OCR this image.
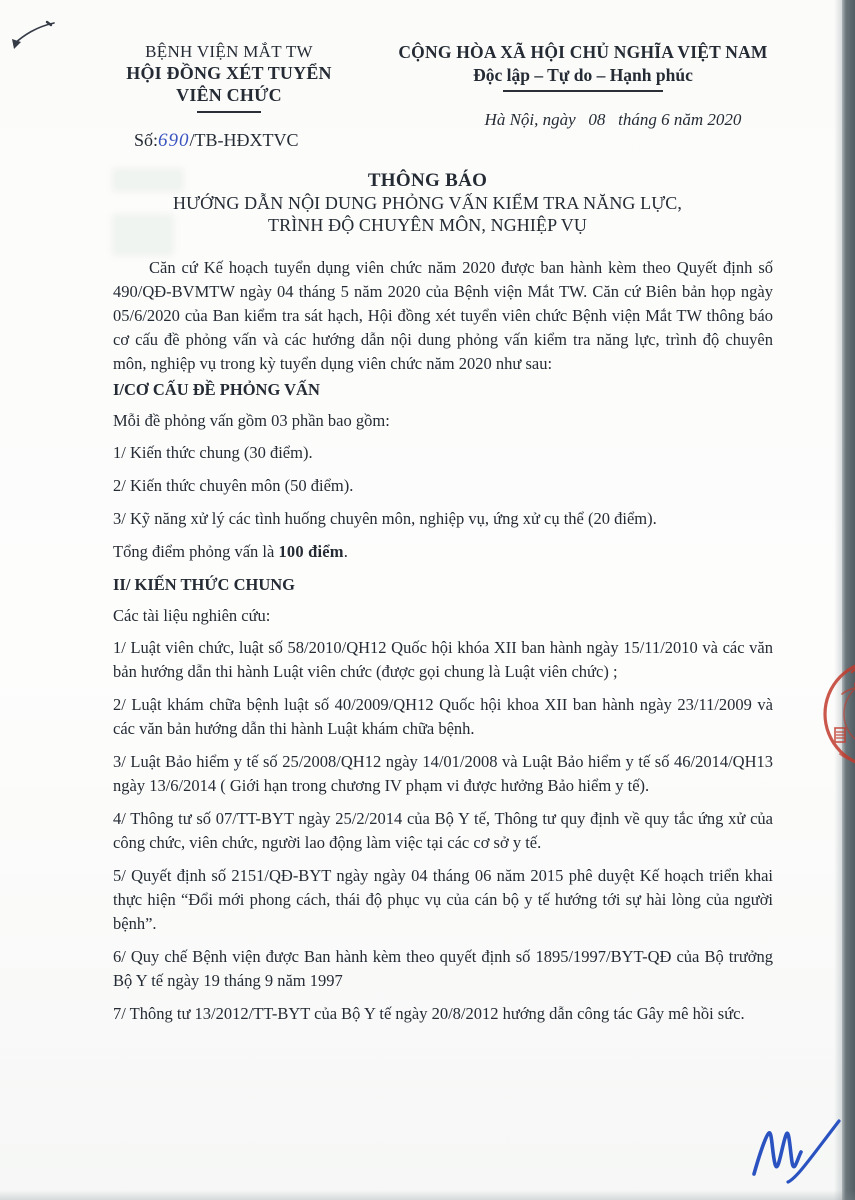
BỆNH VIỆN MẮT TW
HỘI ĐỒNG XÉT TUYỂN
VIÊN CHỨC
Số:690/TB-HĐXTVC
CỘNG HÒA XÃ HỘI CHỦ NGHĨA VIỆT NAM
Độc lập – Tự do – Hạnh phúc
Hà Nội, ngày   08   tháng 6 năm 2020
THÔNG BÁO
HƯỚNG DẪN NỘI DUNG PHỎNG VẤN KIỂM TRA NĂNG LỰC,
TRÌNH ĐỘ CHUYÊN MÔN, NGHIỆP VỤ

Căn cứ Kế hoạch tuyển dụng viên chức năm 2020 được ban hành kèm theo Quyết định số 490/QĐ-BVMTW ngày 04 tháng 5 năm 2020 của Bệnh viện Mắt TW. Căn cứ Biên bản họp ngày 05/6/2020 của Ban kiểm tra sát hạch, Hội đồng xét tuyển viên chức Bệnh viện Mắt TW thông báo cơ cấu đề phỏng vấn và các hướng dẫn nội dung phỏng vấn kiểm tra năng lực, trình độ chuyên môn, nghiệp vụ trong kỳ tuyển dụng viên chức năm 2020 như sau:

I/CƠ CẤU ĐỀ PHỎNG VẤN

Mỗi đề phỏng vấn gồm 03 phần bao gồm:

1/ Kiến thức chung (30 điểm).

2/ Kiến thức chuyên môn (50 điểm).

3/ Kỹ năng xử lý các tình huống chuyên môn, nghiệp vụ, ứng xử cụ thể (20 điểm).

Tổng điểm phỏng vấn là 100 điểm.

II/ KIẾN THỨC CHUNG

Các tài liệu nghiên cứu:

1/ Luật viên chức, luật số 58/2010/QH12 Quốc hội khóa XII ban hành ngày 15/11/2010 và các văn bản hướng dẫn thi hành Luật viên chức (được gọi chung là Luật viên chức) ;

2/ Luật khám chữa bệnh luật số 40/2009/QH12 Quốc hội khoa XII ban hành ngày 23/11/2009 và các văn bản hướng dẫn thi hành Luật khám chữa bệnh.

3/ Luật Bảo hiểm y tế số 25/2008/QH12 ngày 14/01/2008 và Luật Bảo hiểm y tế số 46/2014/QH13 ngày 13/6/2014 ( Giới hạn trong chương IV phạm vi được hưởng Bảo hiểm y tế).

4/ Thông tư số 07/TT-BYT ngày 25/2/2014 của Bộ Y tế, Thông tư quy định về quy tắc ứng xử của công chức, viên chức, người lao động làm việc tại các cơ sở y tế.

5/ Quyết định số 2151/QĐ-BYT ngày ngày 04 tháng 06 năm 2015 phê duyệt Kế hoạch triển khai thực hiện “Đổi mới phong cách, thái độ phục vụ của cán bộ y tế hướng tới sự hài lòng của người bệnh”.

6/ Quy chế Bệnh viện được Ban hành kèm theo quyết định số 1895/1997/BYT-QĐ của Bộ trưởng Bộ Y tế ngày 19 tháng 9 năm 1997

7/ Thông tư 13/2012/TT-BYT của Bộ Y tế ngày 20/8/2012 hướng dẫn công tác Gây mê hồi sức.
